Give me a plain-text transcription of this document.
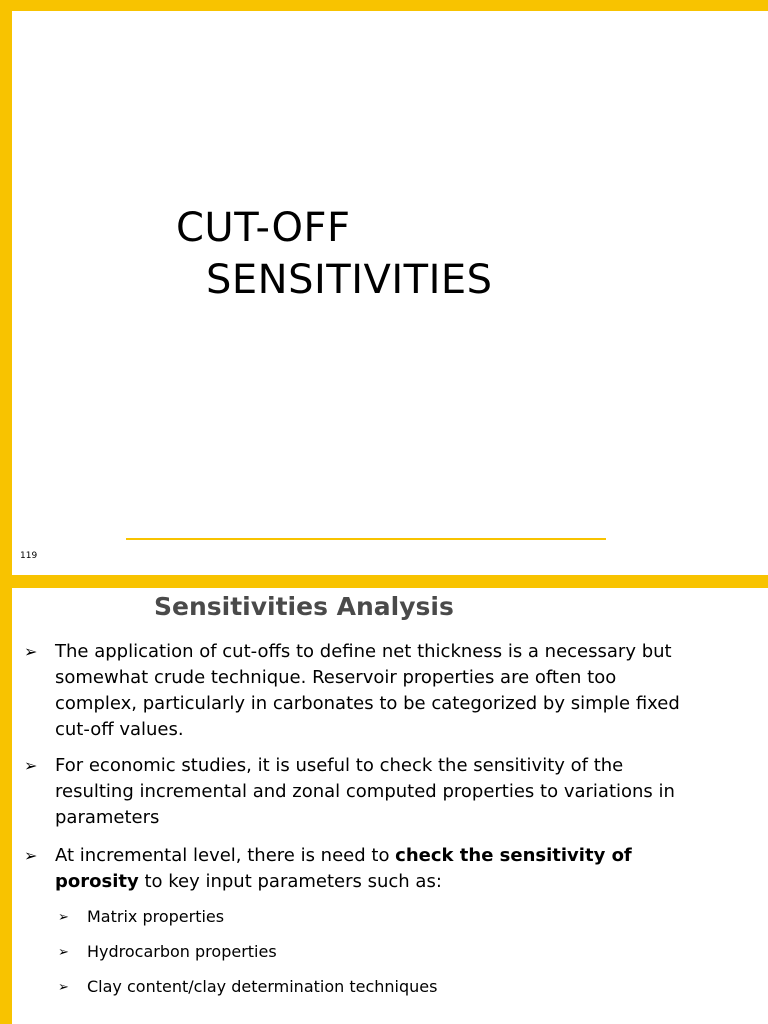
CUT-OFF
SENSITIVITIES
119
Sensitivities Analysis
➢ The application of cut-offs to define net thickness is a necessary but
somewhat crude technique. Reservoir properties are often too
complex, particularly in carbonates to be categorized by simple fixed
cut-off values.
➢ For economic studies, it is useful to check the sensitivity of the
resulting incremental and zonal computed properties to variations in
parameters
➢ At incremental level, there is need to check the sensitivity of
porosity to key input parameters such as:
➢ Matrix properties
➢ Hydrocarbon properties
➢ Clay content/clay determination techniques
